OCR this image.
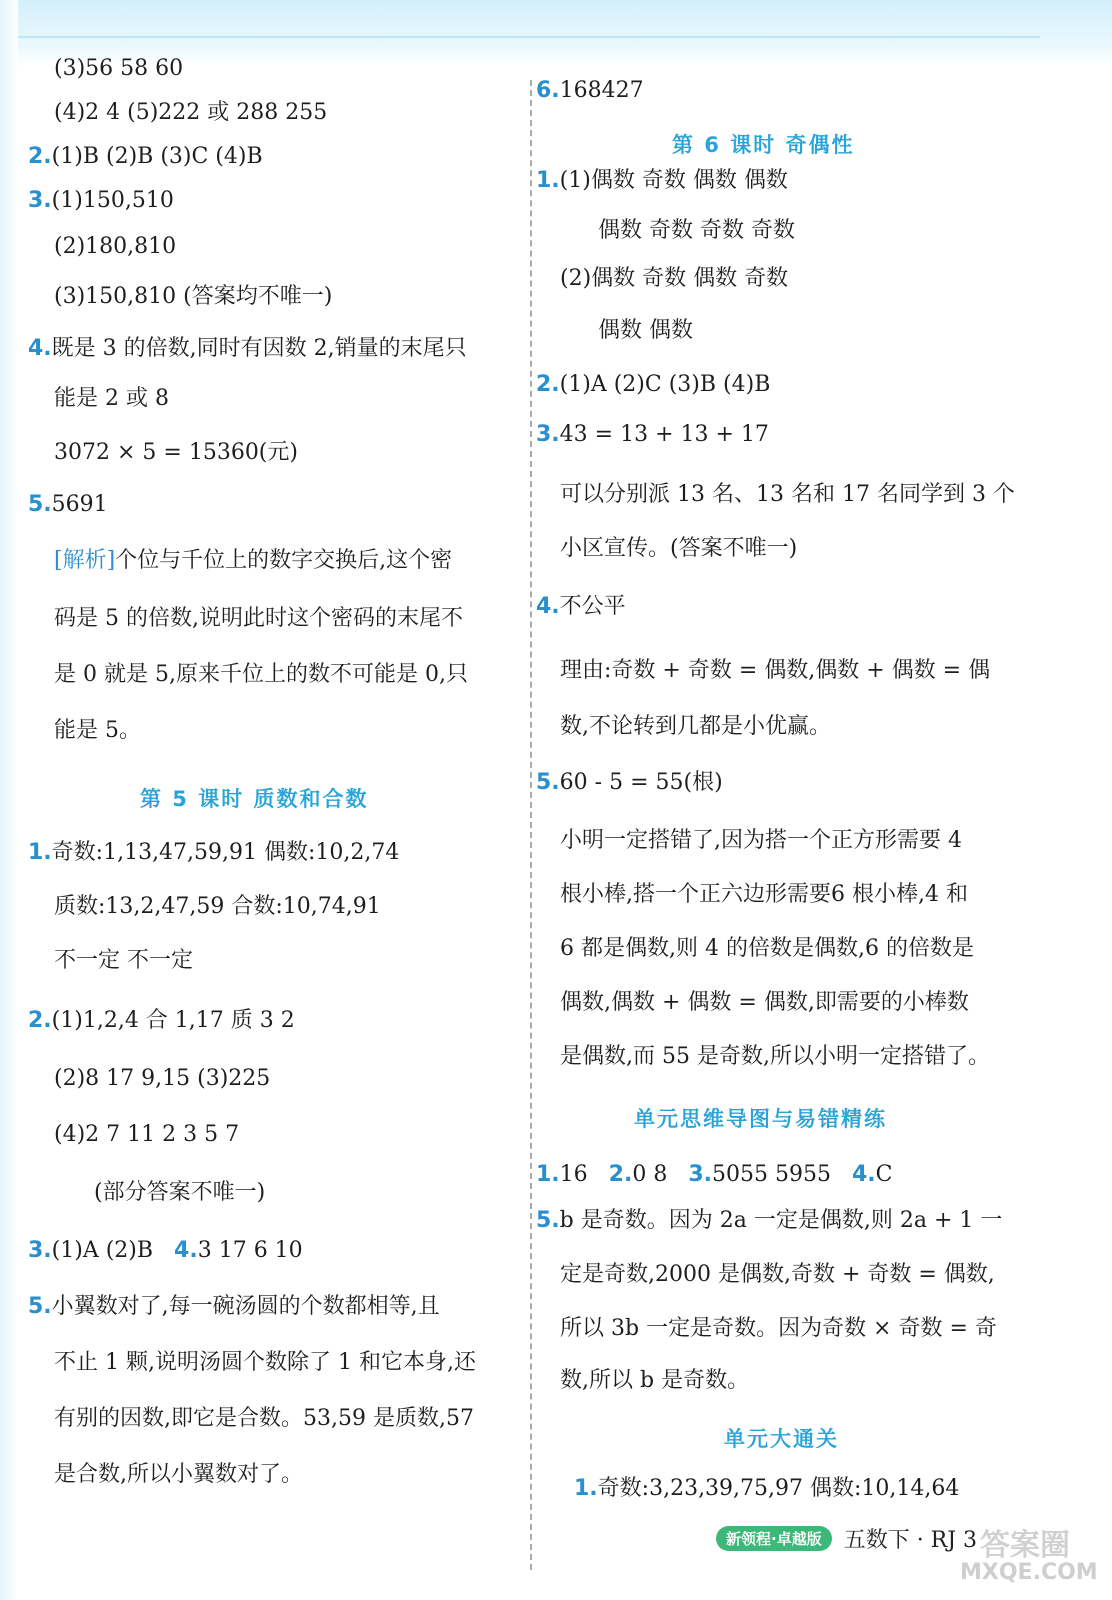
(3)56 58 60
(4)2 4 (5)222 或 288 255
2.(1)B (2)B (3)C (4)B
3.(1)150,510
(2)180,810
(3)150,810 (答案均不唯一)
4.既是 3 的倍数,同时有因数 2,销量的末尾只
能是 2 或 8
3072 × 5 = 15360(元)
5.5691
[解析]个位与千位上的数字交换后,这个密
码是 5 的倍数,说明此时这个密码的末尾不
是 0 就是 5,原来千位上的数不可能是 0,只
能是 5。
第 5 课时 质数和合数
1.奇数:1,13,47,59,91 偶数:10,2,74
质数:13,2,47,59 合数:10,74,91
不一定 不一定
2.(1)1,2,4 合 1,17 质 3 2
(2)8 17 9,15 (3)225
(4)2 7 11 2 3 5 7
(部分答案不唯一)
3.(1)A (2)B 4.3 17 6 10
5.小翼数对了,每一碗汤圆的个数都相等,且
不止 1 颗,说明汤圆个数除了 1 和它本身,还
有别的因数,即它是合数。53,59 是质数,57
是合数,所以小翼数对了。
6.168427
第 6 课时 奇偶性
1.(1)偶数 奇数 偶数 偶数
偶数 奇数 奇数 奇数
(2)偶数 奇数 偶数 奇数
偶数 偶数
2.(1)A (2)C (3)B (4)B
3.43 = 13 + 13 + 17
可以分别派 13 名、13 名和 17 名同学到 3 个
小区宣传。(答案不唯一)
4.不公平
理由:奇数 + 奇数 = 偶数,偶数 + 偶数 = 偶
数,不论转到几都是小优赢。
5.60 - 5 = 55(根)
小明一定搭错了,因为搭一个正方形需要 4
根小棒,搭一个正六边形需要6 根小棒,4 和
6 都是偶数,则 4 的倍数是偶数,6 的倍数是
偶数,偶数 + 偶数 = 偶数,即需要的小棒数
是偶数,而 55 是奇数,所以小明一定搭错了。
单元思维导图与易错精练
1.16 2.0 8 3.5055 5955 4.C
5.b 是奇数。因为 2a 一定是偶数,则 2a + 1 一
定是奇数,2000 是偶数,奇数 + 奇数 = 偶数,
所以 3b 一定是奇数。因为奇数 × 奇数 = 奇
数,所以 b 是奇数。
单元大通关
1.奇数:3,23,39,75,97 偶数:10,14,64
新领程·卓越版	五数下 · RJ 3 答案圈
MXQE.COM
